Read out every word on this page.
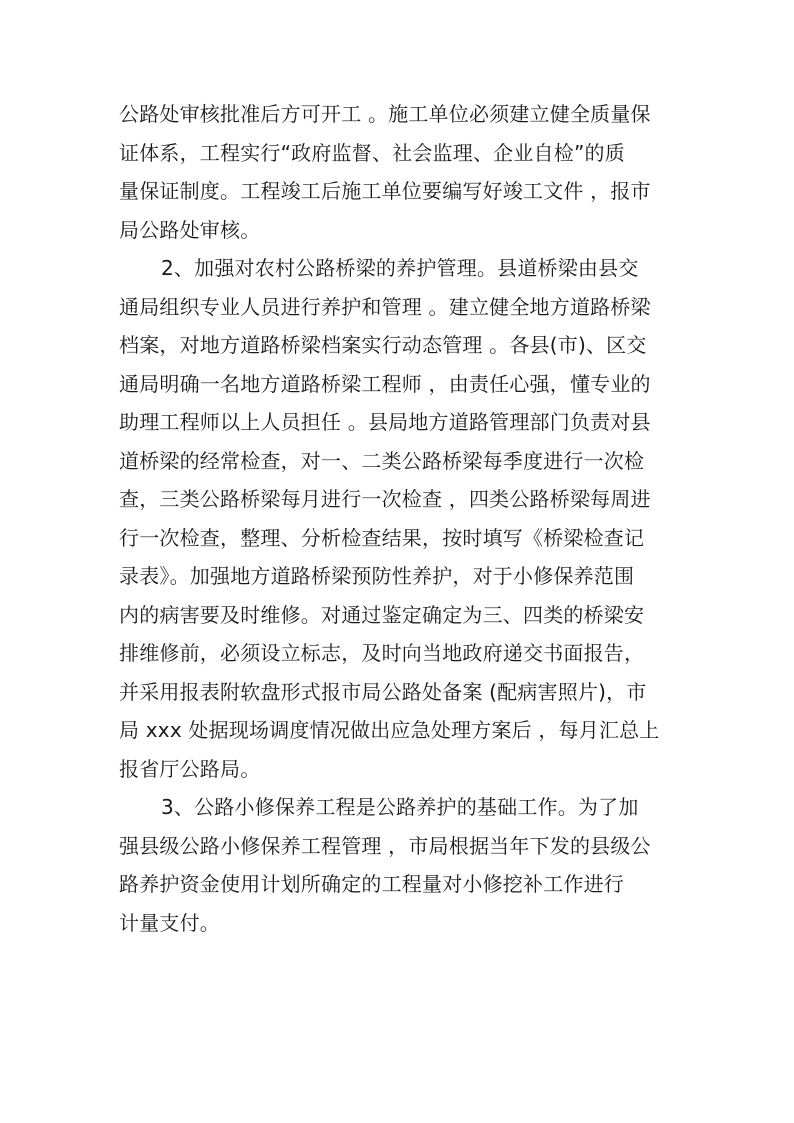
公路处审核批准后方可开工 。施工单位必须建立健全质量保
证体系，工程实行“政府监督、社会监理、企业自检”的质
量保证制度。工程竣工后施工单位要编写好竣工文件 ，报市
局公路处审核。

2、加强对农村公路桥梁的养护管理。县道桥梁由县交
通局组织专业人员进行养护和管理 。建立健全地方道路桥梁
档案，对地方道路桥梁档案实行动态管理 。各县(市)、区交
通局明确一名地方道路桥梁工程师 ，由责任心强，懂专业的
助理工程师以上人员担任 。县局地方道路管理部门负责对县
道桥梁的经常检查，对一、二类公路桥梁每季度进行一次检
查，三类公路桥梁每月进行一次检查 ，四类公路桥梁每周进
行一次检查，整理、分析检查结果，按时填写《桥梁检查记
录表》。加强地方道路桥梁预防性养护，对于小修保养范围
内的病害要及时维修。对通过鉴定确定为三、四类的桥梁安
排维修前，必须设立标志，及时向当地政府递交书面报告，
并采用报表附软盘形式报市局公路处备案 (配病害照片)，市
局 xxx 处据现场调度情况做出应急处理方案后 ，每月汇总上
报省厅公路局。

3、公路小修保养工程是公路养护的基础工作。为了加
强县级公路小修保养工程管理 ，市局根据当年下发的县级公
路养护资金使用计划所确定的工程量对小修挖补工作进行
计量支付。
